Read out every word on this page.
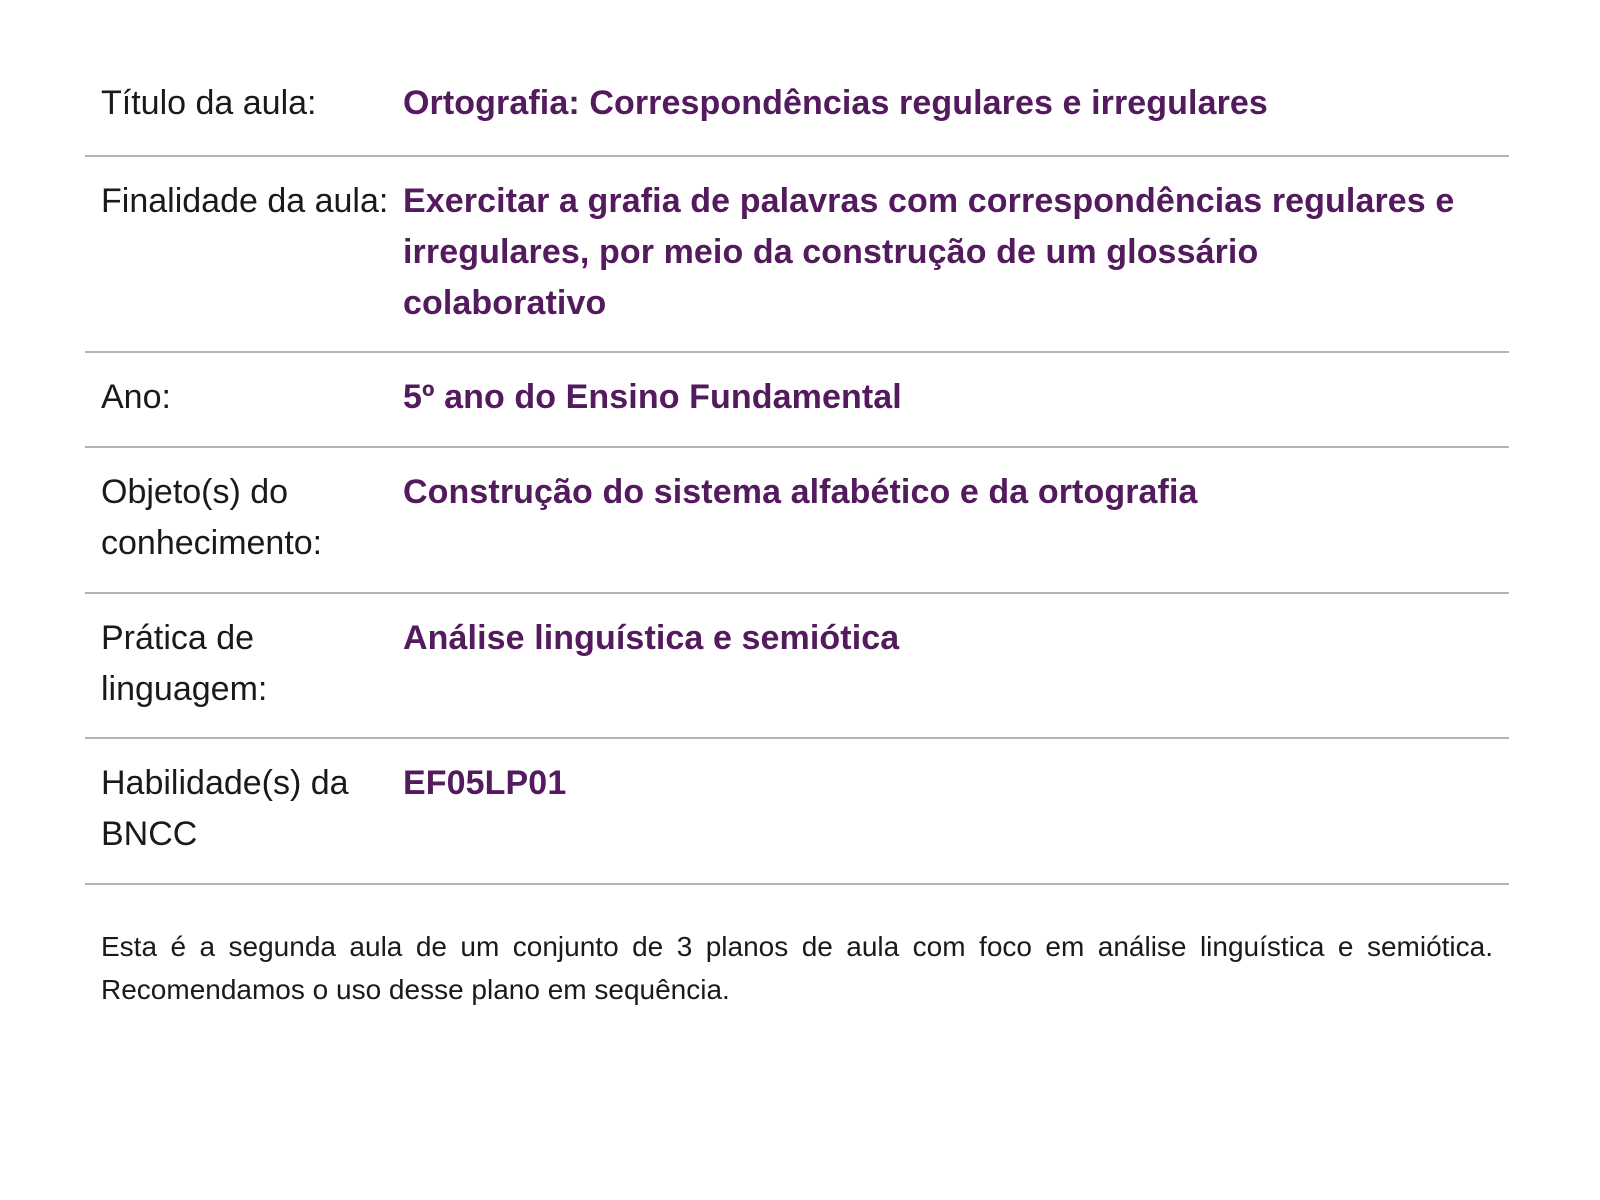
Título da aula:	Ortografia: Correspondências regulares e irregulares
Finalidade da aula: Exercitar a grafia de palavras com correspondências regulares e irregulares, por meio da construção de um glossário colaborativo
Ano:	5º ano do Ensino Fundamental
Objeto(s) do conhecimento:
Construção do sistema alfabético e da ortografia
Prática de linguagem:
Análise linguística e semiótica
Habilidade(s) da BNCC
EF05LP01

Esta é a segunda aula de um conjunto de 3 planos de aula com foco em análise linguística e semiótica. Recomendamos o uso desse plano em sequência.
